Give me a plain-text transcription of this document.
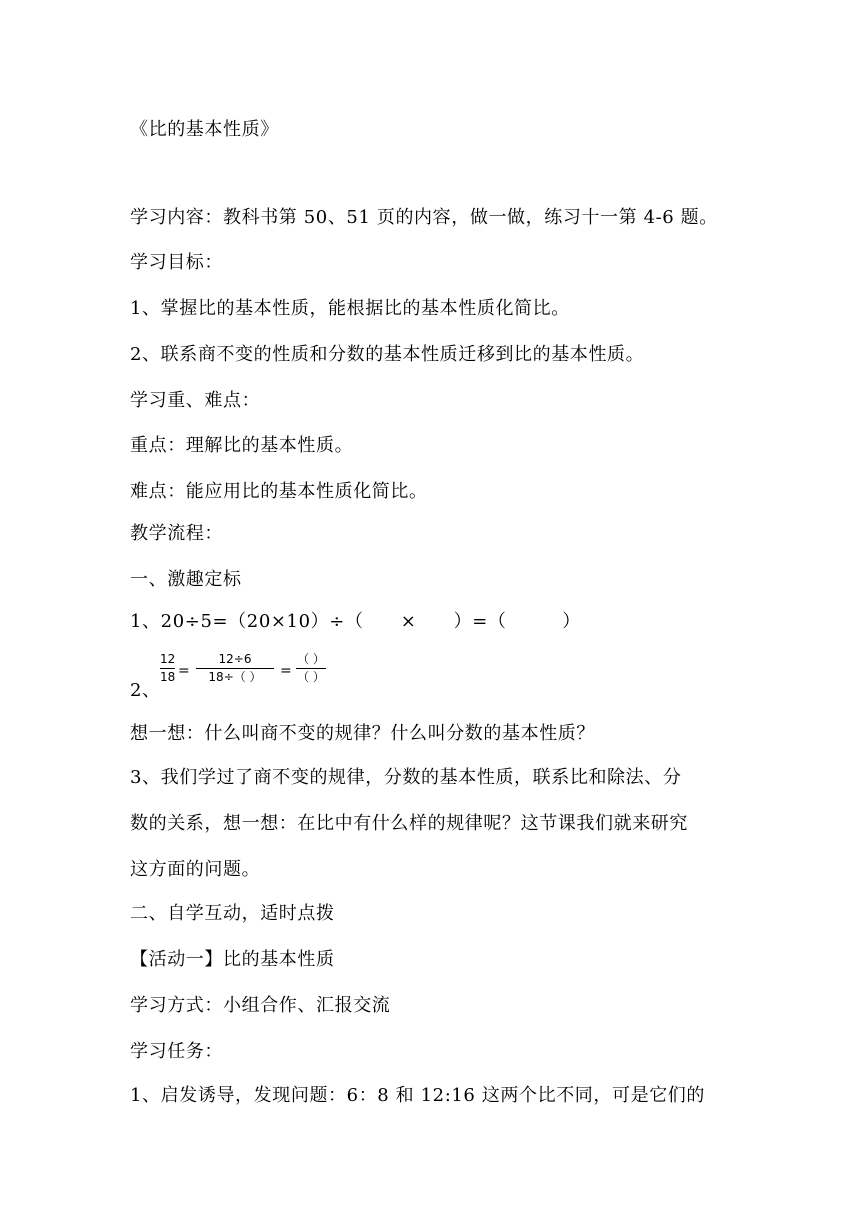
《比的基本性质》
学习内容：教科书第 50、51 页的内容，做一做，练习十一第 4-6 题。
学习目标：
1、掌握比的基本性质，能根据比的基本性质化简比。
2、联系商不变的性质和分数的基本性质迁移到比的基本性质。
学习重、难点：
重点：理解比的基本性质。
难点：能应用比的基本性质化简比。
教学流程：
一、激趣定标
1、20÷5=（20×10）÷（　　×　　）=（　　　）
2、
12
18 =
12÷6
18÷（ ） =
（ ）
（ ）
想一想：什么叫商不变的规律？什么叫分数的基本性质？
3、我们学过了商不变的规律，分数的基本性质，联系比和除法、分
数的关系，想一想：在比中有什么样的规律呢？这节课我们就来研究
这方面的问题。
二、自学互动，适时点拨
【活动一】比的基本性质
学习方式：小组合作、汇报交流
学习任务：
1、启发诱导，发现问题：6：8 和 12:16 这两个比不同，可是它们的
